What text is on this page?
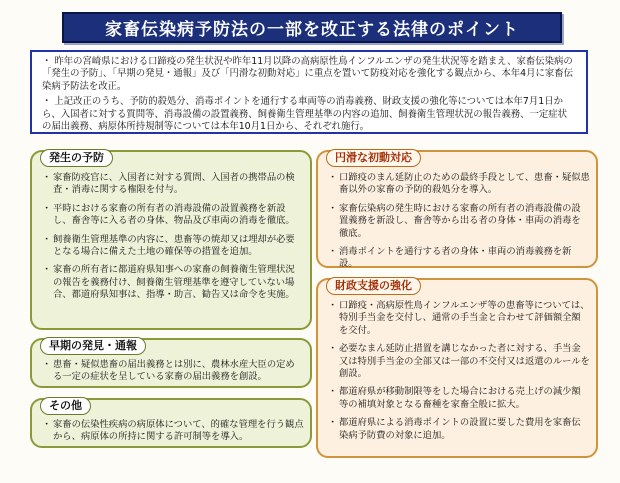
家畜伝染病予防法の一部を改正する法律のポイント

・ 昨年の宮崎県における口蹄疫の発生状況や昨年11月以降の高病原性鳥インフルエンザの発生状況等を踏まえ、家畜伝染病の「発生の予防」、「早期の発見・通報」及び「円滑な初動対応」に重点を置いて防疫対応を強化する観点から、本年4月に家畜伝染病予防法を改正。

・ 上記改正のうち、予防的殺処分、消毒ポイントを通行する車両等の消毒義務、財政支援の強化等については本年7月1日から、入国者に対する質問等、消毒設備の設置義務、飼養衛生管理基準の内容の追加、飼養衛生管理状況の報告義務、一定症状の届出義務、病原体所持規制等については本年10月1日から、それぞれ施行。

発生の予防
・ 家畜防疫官に、入国者に対する質問、入国者の携帯品の検査・消毒に関する権限を付与。
・ 平時における家畜の所有者の消毒設備の設置義務を新設し、畜舎等に入る者の身体、物品及び車両の消毒を徹底。
・ 飼養衛生管理基準の内容に、患畜等の焼却又は埋却が必要となる場合に備えた土地の確保等の措置を追加。
・ 家畜の所有者に都道府県知事への家畜の飼養衛生管理状況の報告を義務付け、飼養衛生管理基準を遵守していない場合、都道府県知事は、指導・助言、勧告又は命令を実施。
早期の発見・通報
・ 患畜・疑似患畜の届出義務とは別に、農林水産大臣の定める一定の症状を呈している家畜の届出義務を創設。
その他
・ 家畜の伝染性疾病の病原体について、的確な管理を行う観点から、病原体の所持に関する許可制等を導入。
円滑な初動対応
・ 口蹄疫のまん延防止のための最終手段として、患畜・疑似患畜以外の家畜の予防的殺処分を導入。
・ 家畜伝染病の発生時における家畜の所有者の消毒設備の設置義務を新設し、畜舎等から出る者の身体・車両の消毒を徹底。
・ 消毒ポイントを通行する者の身体・車両の消毒義務を新設。
財政支援の強化
・ 口蹄疫・高病原性鳥インフルエンザ等の患畜等については、特別手当金を交付し、通常の手当金と合わせて評価額全額を交付。
・ 必要なまん延防止措置を講じなかった者に対する、手当金又は特別手当金の全部又は一部の不交付又は返還のルールを創設。
・ 都道府県が移動制限等をした場合における売上げの減少額等の補填対象となる畜種を家畜全般に拡大。
・ 都道府県による消毒ポイントの設置に要した費用を家畜伝染病予防費の対象に追加。
